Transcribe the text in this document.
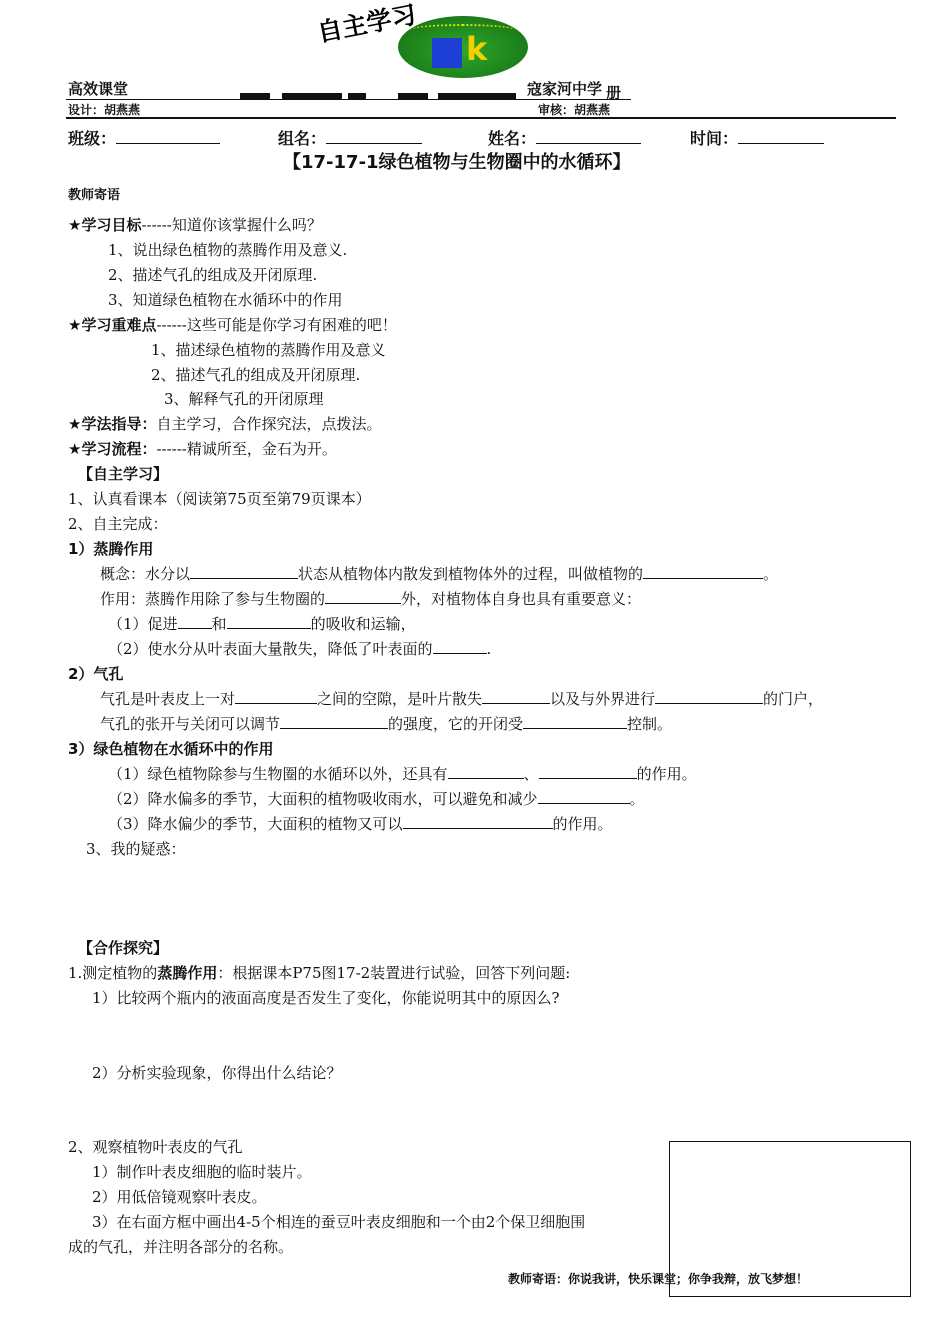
k
自主学习
高效课堂	寇家河中学 册
设计：胡燕燕	审核：胡燕燕
班级：	组名：	姓名：	时间：
【17-17-1绿色植物与生物圈中的水循环】
教师寄语
★学习目标------知道你该掌握什么吗？
1、说出绿色植物的蒸腾作用及意义.
2、描述气孔的组成及开闭原理.
3、知道绿色植物在水循环中的作用
★学习重难点------这些可能是你学习有困难的吧！
1、描述绿色植物的蒸腾作用及意义
2、描述气孔的组成及开闭原理.
3、解释气孔的开闭原理
★学法指导：自主学习，合作探究法，点拨法。
★学习流程：------精诚所至，金石为开。
【自主学习】
1、认真看课本（阅读第75页至第79页课本）
2、自主完成：
1）蒸腾作用
概念：水分以	状态从植物体内散发到植物体外的过程，叫做植物的	。
作用：蒸腾作用除了参与生物圈的	外，对植物体自身也具有重要意义：
（1）促进 和	的吸收和运输，
（2）使水分从叶表面大量散失，降低了叶表面的	.
2）气孔
气孔是叶表皮上一对	之间的空隙，是叶片散失	以及与外界进行	的门户，
气孔的张开与关闭可以调节	的强度，它的开闭受	控制。
3）绿色植物在水循环中的作用
（1）绿色植物除参与生物圈的水循环以外，还具有	、	的作用。
（2）降水偏多的季节，大面积的植物吸收雨水，可以避免和减少	。
（3）降水偏少的季节，大面积的植物又可以	的作用。
3、我的疑惑：
【合作探究】
1.测定植物的蒸腾作用：根据课本P75图17-2装置进行试验，回答下列问题:
1）比较两个瓶内的液面高度是否发生了变化，你能说明其中的原因么?
2）分析实验现象，你得出什么结论？
2、观察植物叶表皮的气孔
1）制作叶表皮细胞的临时装片。
2）用低倍镜观察叶表皮。
3）在右面方框中画出4-5个相连的蚕豆叶表皮细胞和一个由2个保卫细胞围
成的气孔，并注明各部分的名称。
教师寄语：你说我讲，快乐课堂；你争我辩，放飞梦想！
